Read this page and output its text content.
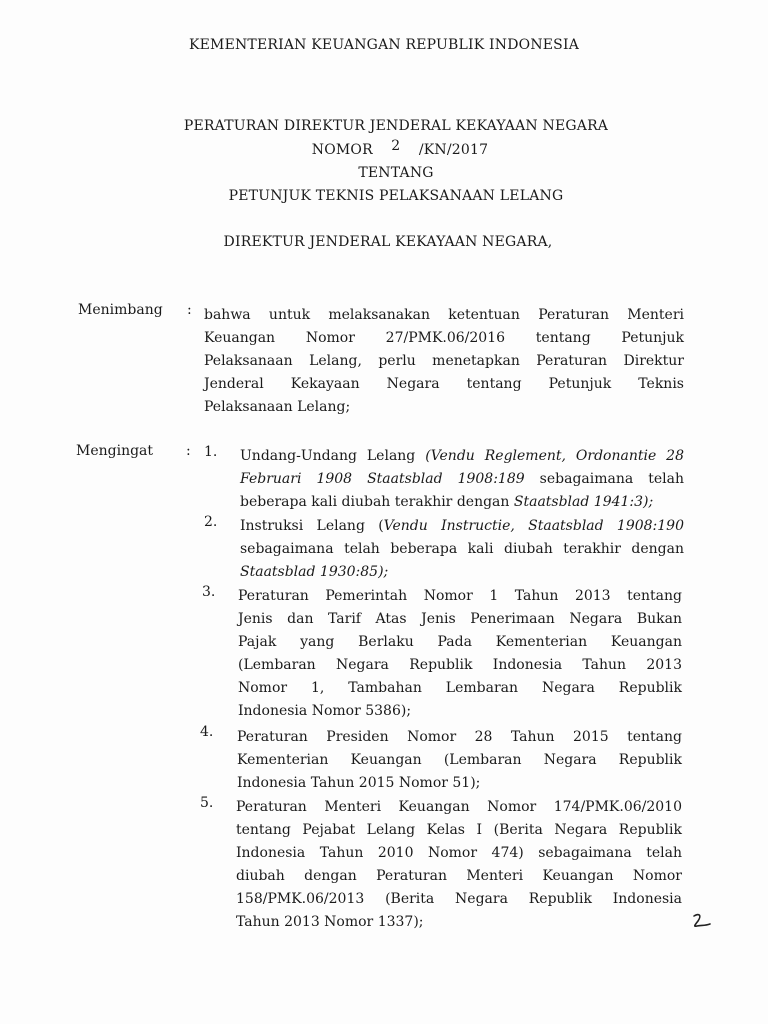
KEMENTERIAN KEUANGAN REPUBLIK INDONESIA
PERATURAN DIREKTUR JENDERAL KEKAYAAN NEGARA
NOMOR 2 /KN/2017
TENTANG
PETUNJUK TEKNIS PELAKSANAAN LELANG
DIREKTUR JENDERAL KEKAYAAN NEGARA,
Menimbang : bahwa untuk melaksanakan ketentuan Peraturan Menteri
Keuangan Nomor 27/PMK.06/2016 tentang Petunjuk
Pelaksanaan Lelang, perlu menetapkan Peraturan Direktur
Jenderal Kekayaan Negara tentang Petunjuk Teknis
Pelaksanaan Lelang;
Mengingat : 1. Undang-Undang Lelang (Vendu Reglement, Ordonantie 28
Februari 1908 Staatsblad 1908:189 sebagaimana telah
beberapa kali diubah terakhir dengan Staatsblad 1941:3);
2. Instruksi Lelang (Vendu Instructie, Staatsblad 1908:190
sebagaimana telah beberapa kali diubah terakhir dengan
Staatsblad 1930:85);
3. Peraturan Pemerintah Nomor 1 Tahun 2013 tentang
Jenis dan Tarif Atas Jenis Penerimaan Negara Bukan
Pajak yang Berlaku Pada Kementerian Keuangan
(Lembaran Negara Republik Indonesia Tahun 2013
Nomor 1, Tambahan Lembaran Negara Republik
Indonesia Nomor 5386);
4. Peraturan Presiden Nomor 28 Tahun 2015 tentang
Kementerian Keuangan (Lembaran Negara Republik
Indonesia Tahun 2015 Nomor 51);
5. Peraturan Menteri Keuangan Nomor 174/PMK.06/2010
tentang Pejabat Lelang Kelas I (Berita Negara Republik
Indonesia Tahun 2010 Nomor 474) sebagaimana telah
diubah dengan Peraturan Menteri Keuangan Nomor
158/PMK.06/2013 (Berita Negara Republik Indonesia
Tahun 2013 Nomor 1337);
